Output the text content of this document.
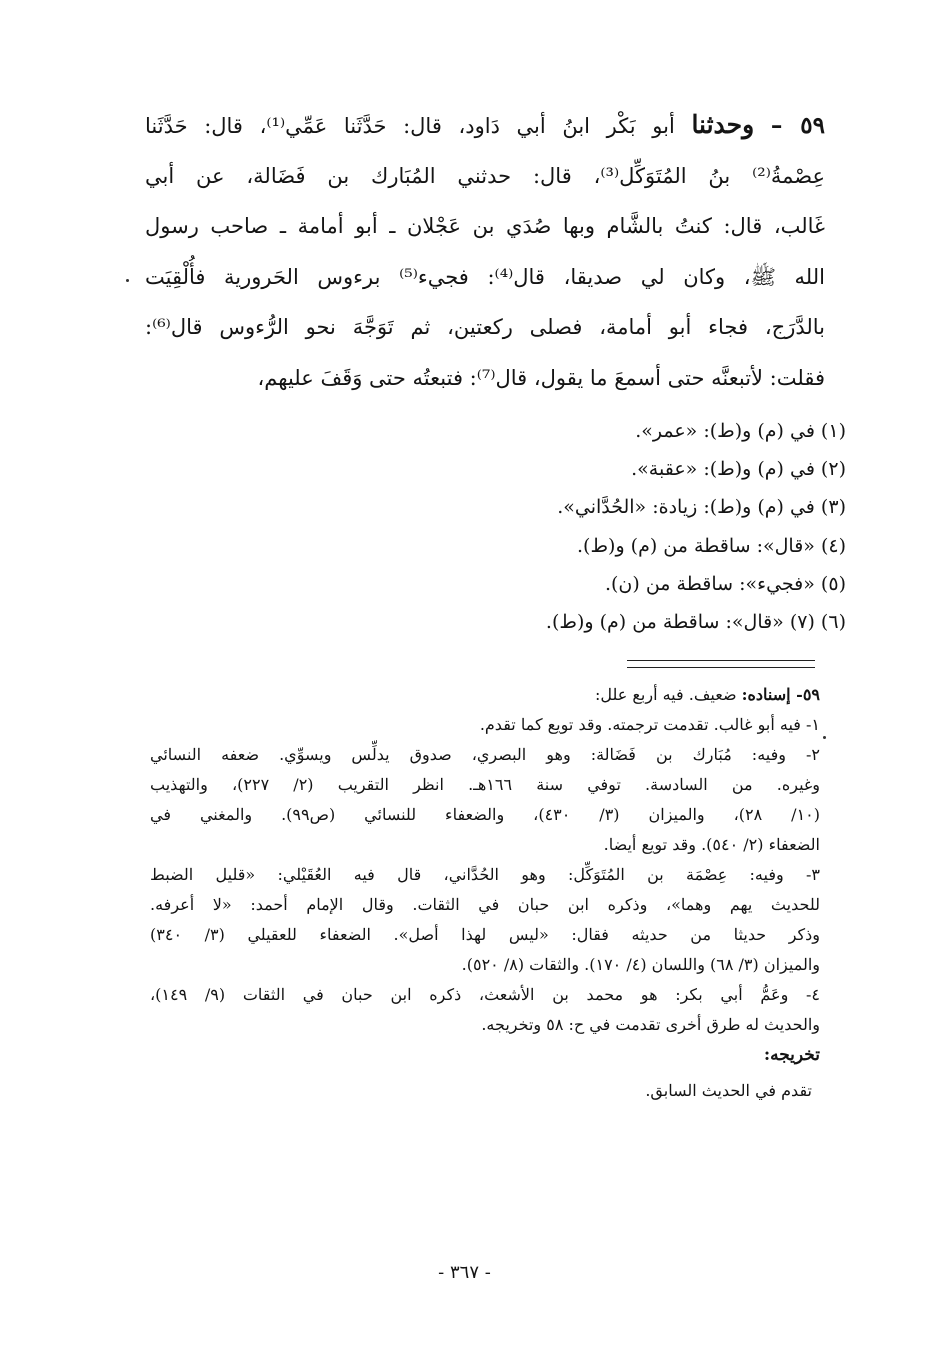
٥٩ – وحدثنا أبو بَكْر ابنُ أبي دَاود، قال: حَدَّثَنا عَمِّي⁽¹⁾، قال: حَدَّثَنا
عِصْمةُ⁽²⁾ بنُ المُتَوَكِّل⁽³⁾، قال: حدثني المُبَارك بن فَضَالة، عن أبي
غَالب، قال: كنتُ بالشَّام وبها صُدَي بن عَجْلان ـ أبو أمامة ـ صاحب رسول
الله ﷺ، وكان لي صديقا، قال⁽⁴⁾: فجيء⁽⁵⁾ برءوس الحَرورية فأُلْقِيَت
بالدَّرَج، فجاء أبو أمامة، فصلى ركعتين، ثم تَوَجَّهَ نحو الرُّءوس قال⁽⁶⁾:
فقلت: لأتبعنَّه حتى أسمعَ ما يقول، قال⁽⁷⁾: فتبعتُه حتى وَقَفَ عليهم،
(١) في (م) و(ط): «عمر».
(٢) في (م) و(ط): «عقبة».
(٣) في (م) و(ط): زيادة: «الحُدَّاني».
(٤) «قال»: ساقطة من (م) و(ط).
(٥) «فجيء»: ساقطة من (ن).
(٦) (٧) «قال»: ساقطة من (م) و(ط).
٥٩- إسناده: ضعيف. فيه أربع علل:
١- فيه أبو غالب. تقدمت ترجمته. وقد تويع كما تقدم.
٢- وفيه: مُبَارك بن فَضَالة: وهو البصري، صدوق يدلِّس ويسوِّي. ضعفه النسائي
وغيره. من السادسة. توفي سنة ١٦٦هـ. انظر التقريب (٢/ ٢٢٧)، والتهذيب
(١٠/ ٢٨)، والميزان (٣/ ٤٣٠)، والضعفاء للنسائي (ص٩٩). والمغني في
الضعفاء (٢/ ٥٤٠). وقد تويع أيضا.
٣- وفيه: عِصْمَة بن المُتَوَكِّل: وهو الحُدَّاني، قال فيه العُقَيْلي: «قليل الضبط
للحديث يهم وهما»، وذكره ابن حبان في الثقات. وقال الإمام أحمد: «لا أعرفه.
وذكر حديثا من حديثه فقال: «ليس لهذا أصل». الضعفاء للعقيلي (٣/ ٣٤٠)
والميزان (٣/ ٦٨) واللسان (٤/ ١٧٠). والثقات (٨/ ٥٢٠).
٤- وعَمُّ أبي بكر: هو محمد بن الأشعث، ذكره ابن حبان في الثقات (٩/ ١٤٩)،
والحديث له طرق أخرى تقدمت في ح: ٥٨ وتخريجه.
تخريجه:
تقدم في الحديث السابق.
- ٣٦٧ -
